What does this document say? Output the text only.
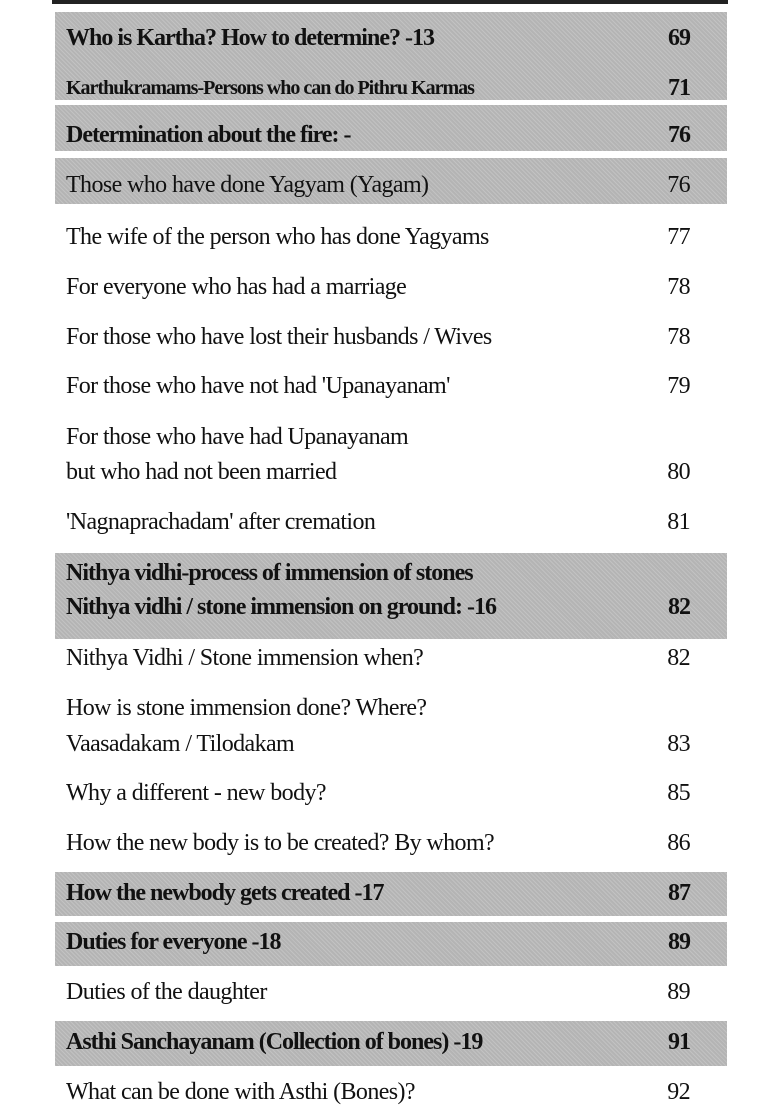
Who is Kartha? How to determine? -13	69
Karthukramams-Persons who can do Pithru Karmas	71
Determination about the fire: -	76
Those who have done Yagyam (Yagam)	76
The wife of the person who has done Yagyams	77
For everyone who has had a marriage	78
For those who have lost their husbands / Wives	78
For those who have not had 'Upanayanam'	79
For those who have had Upanayanam
but who had not been married	80
'Nagnaprachadam' after cremation	81
Nithya vidhi-process of immension of stones
Nithya vidhi / stone immension on ground: -16	82
Nithya Vidhi / Stone immension when?	82
How is stone immension done? Where?
Vaasadakam / Tilodakam	83
Why a different - new body?	85
How the new body is to be created? By whom?	86
How the newbody gets created -17	87
Duties for everyone -18	89
Duties of the daughter	89
Asthi Sanchayanam (Collection of bones) -19	91
What can be done with Asthi (Bones)?	92
